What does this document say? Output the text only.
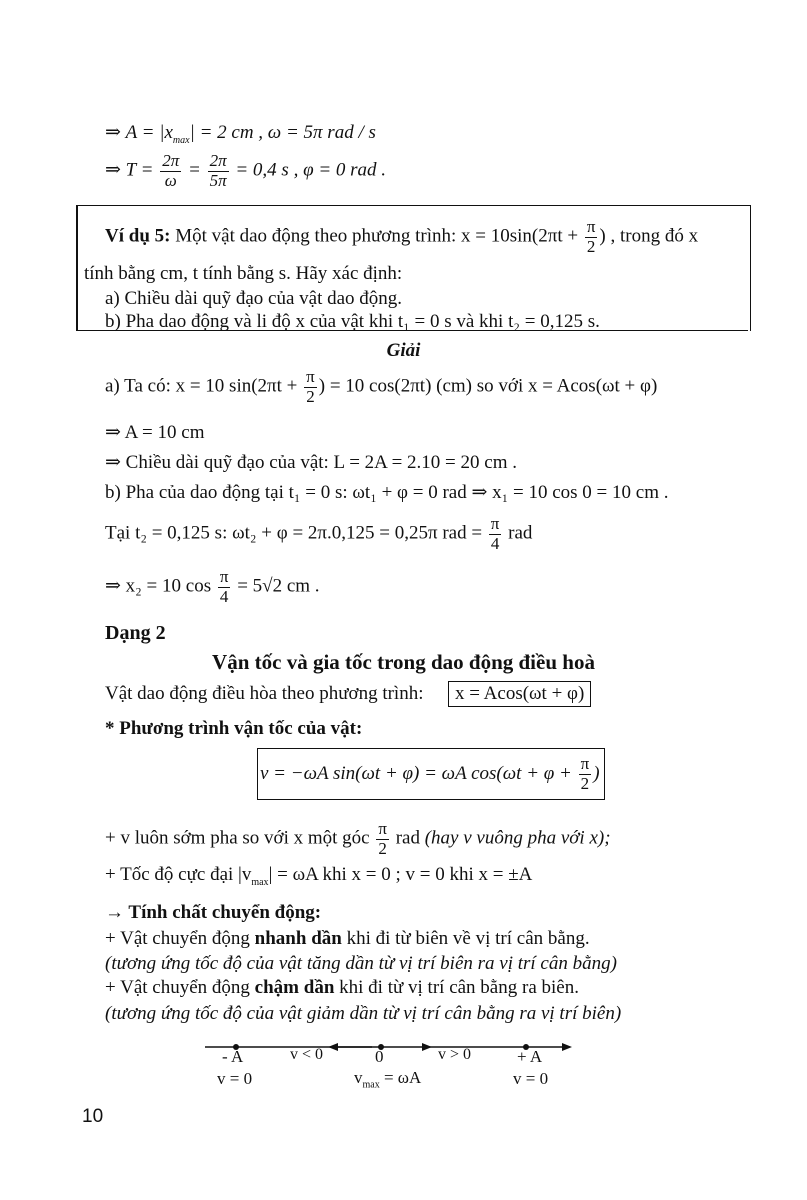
⇒ $A = |x_{max}| = 2$ cm , ω = 5π rad / s
⇒ $T = \frac{2\pi}{\omega} = \frac{2\pi}{5\pi} = 0,4$ s , φ = 0 rad .
Ví dụ 5: Một vật dao động theo phương trình: $x = 10\sin(2\pi t + \frac{\pi}{2}$ ) , trong đó x
tính bằng cm, t tính bằng s. Hãy xác định:
a) Chiều dài quỹ đạo của vật dao động.
b) Pha dao động và li độ x của vật khi t₁ = 0 s và khi t₂ = 0,125 s.
Giải
a) Ta có: x = 10 $\sin(2\pi t + \frac{\pi}{2}$ ) = 10 cos(2πt) (cm) so với x = Acos(ωt + φ)
⇒ A = 10 cm
⇒ Chiều dài quỹ đạo của vật: L = 2A = 2.10 = 20 cm .
b) Pha của dao động tại t₁ = 0 s: ωt₁ + φ = 0 rad ⇒ x₁ = 10 cos 0 = 10 cm .
Tại t₂ = 0,125 s: ωt₂ + φ = 2π.0,125 = 0,25π rad = $\frac{\pi}{4}$ rad
⇒ x₂ = 10 $\cos \frac{\pi}{4} = 5√2$ cm .
Dạng 2
Vận tốc và gia tốc trong dao động điều hoà
Vật dao động điều hòa theo phương trình:	x = Acos(ωt + φ)
* Phương trình vận tốc của vật:
v = −ωA sin(ωt + φ) = ωA $\cos(\omega t + \varphi + \frac{\pi}{2}$ )
+ v luôn sớm pha so với x một góc $\frac{\pi}{2}$ rad (hay v vuông pha với x);
+ Tốc độ cực đại $|v_{max}| = \omega A$ khi x = 0 ; v = 0 khi x = ±A
→ Tính chất chuyển động:
+ Vật chuyển động nhanh dần khi đi từ biên về vị trí cân bằng.
(tương ứng tốc độ của vật tăng dần từ vị trí biên ra vị trí cân bằng)
+ Vật chuyển động chậm dần khi đi từ vị trí cân bằng ra biên.
(tương ứng tốc độ của vật giảm dần từ vị trí cân bằng ra vị trí biên)
- A
v = 0
v < 0	0	v > 0	+ A
v = 0
$v_{max} = \omega A$
10
